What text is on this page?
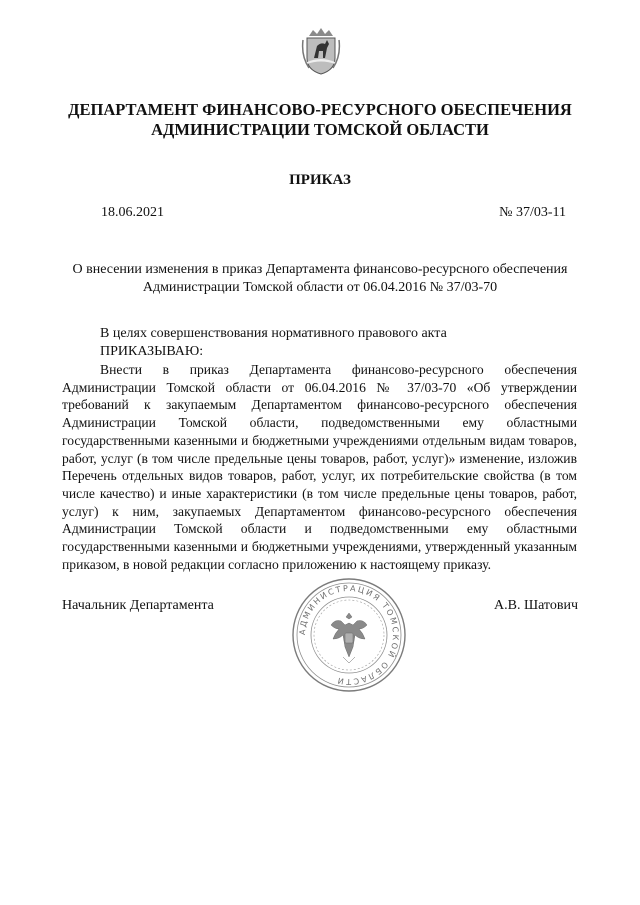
ДЕПАРТАМЕНТ ФИНАНСОВО-РЕСУРСНОГО ОБЕСПЕЧЕНИЯ
АДМИНИСТРАЦИИ ТОМСКОЙ ОБЛАСТИ
ПРИКАЗ
18.06.2021	№ 37/03-11
О внесении изменения в приказ Департамента финансово-ресурсного обеспечения
Администрации Томской области от 06.04.2016 № 37/03-70
В целях совершенствования нормативного правового акта
ПРИКАЗЫВАЮ:

Внести в приказ Департамента финансово-ресурсного обеспечения Администрации Томской области от 06.04.2016 № 37/03-70 «Об утверждении требований к закупаемым Департаментом финансово-ресурсного обеспечения Администрации Томской области, подведомственными ему областными государственными казенными и бюджетными учреждениями отдельным видам товаров, работ, услуг (в том числе предельные цены товаров, работ, услуг)» изменение, изложив Перечень отдельных видов товаров, работ, услуг, их потребительские свойства (в том числе качество) и иные характеристики (в том числе предельные цены товаров, работ, услуг) к ним, закупаемых Департаментом финансово-ресурсного обеспечения Администрации Томской области и подведомственными ему областными государственными казенными и бюджетными учреждениями, утвержденный указанным приказом, в новой редакции согласно приложению к настоящему приказу.

Начальник Департамента
АДМИНИСТРАЦИЯ ТОМСКОЙ ОБЛАСТИ
А.В. Шатович
